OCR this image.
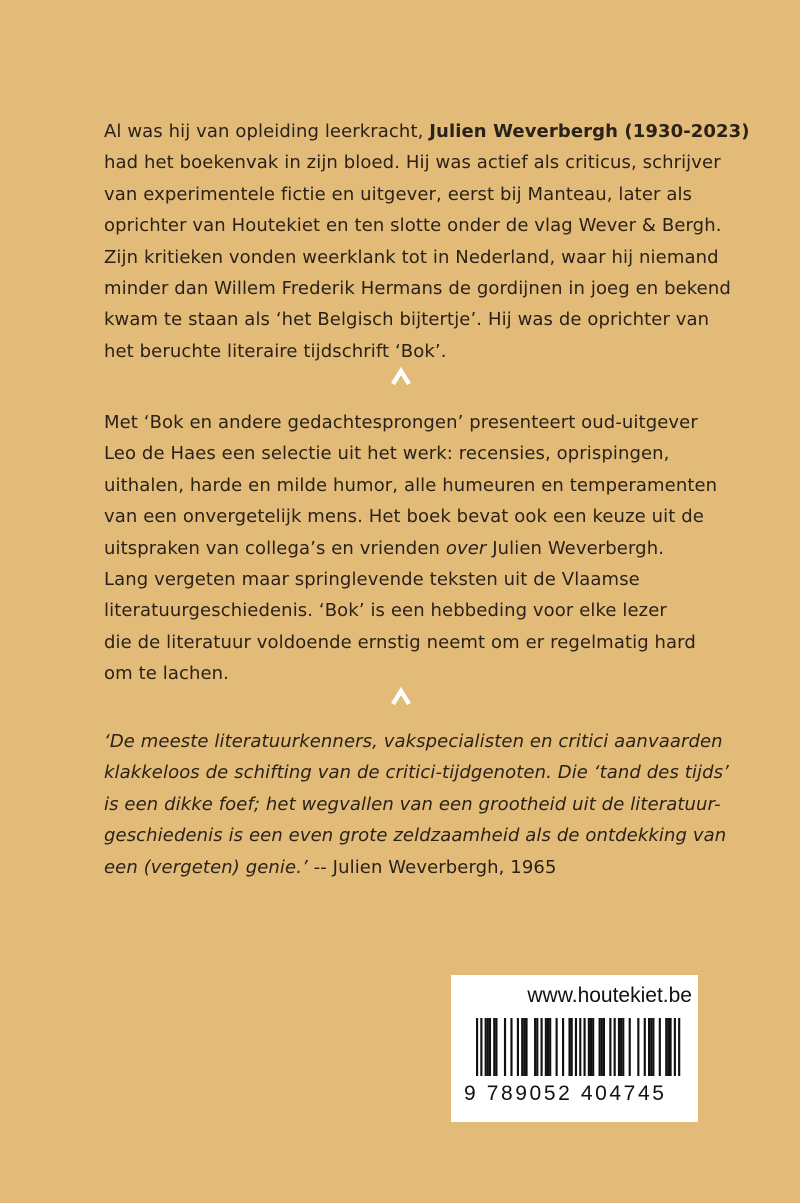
Al was hij van opleiding leerkracht, Julien Weverbergh (1930-2023)
had het boekenvak in zijn bloed. Hij was actief als criticus, schrijver
van experimentele fictie en uitgever, eerst bij Manteau, later als
oprichter van Houtekiet en ten slotte onder de vlag Wever & Bergh.
Zijn kritieken vonden weerklank tot in Nederland, waar hij niemand
minder dan Willem Frederik Hermans de gordijnen in joeg en bekend
kwam te staan als ‘het Belgisch bijtertje’. Hij was de oprichter van
het beruchte literaire tijdschrift ‘Bok’.
Met ‘Bok en andere gedachtesprongen’ presenteert oud-uitgever
Leo de Haes een selectie uit het werk: recensies, oprispingen,
uithalen, harde en milde humor, alle humeuren en temperamenten
van een onvergetelijk mens. Het boek bevat ook een keuze uit de
uitspraken van collega’s en vrienden over Julien Weverbergh.
Lang vergeten maar springlevende teksten uit de Vlaamse
literatuurgeschiedenis. ‘Bok’ is een hebbeding voor elke lezer
die de literatuur voldoende ernstig neemt om er regelmatig hard
om te lachen.
‘De meeste literatuurkenners, vakspecialisten en critici aanvaarden
klakkeloos de schifting van de critici-tijdgenoten. Die ‘tand des tijds’
is een dikke foef; het wegvallen van een grootheid uit de literatuur-
geschiedenis is een even grote zeldzaamheid als de ontdekking van
een (vergeten) genie.’ -- Julien Weverbergh, 1965
www.houtekiet.be
9 789052 404745
